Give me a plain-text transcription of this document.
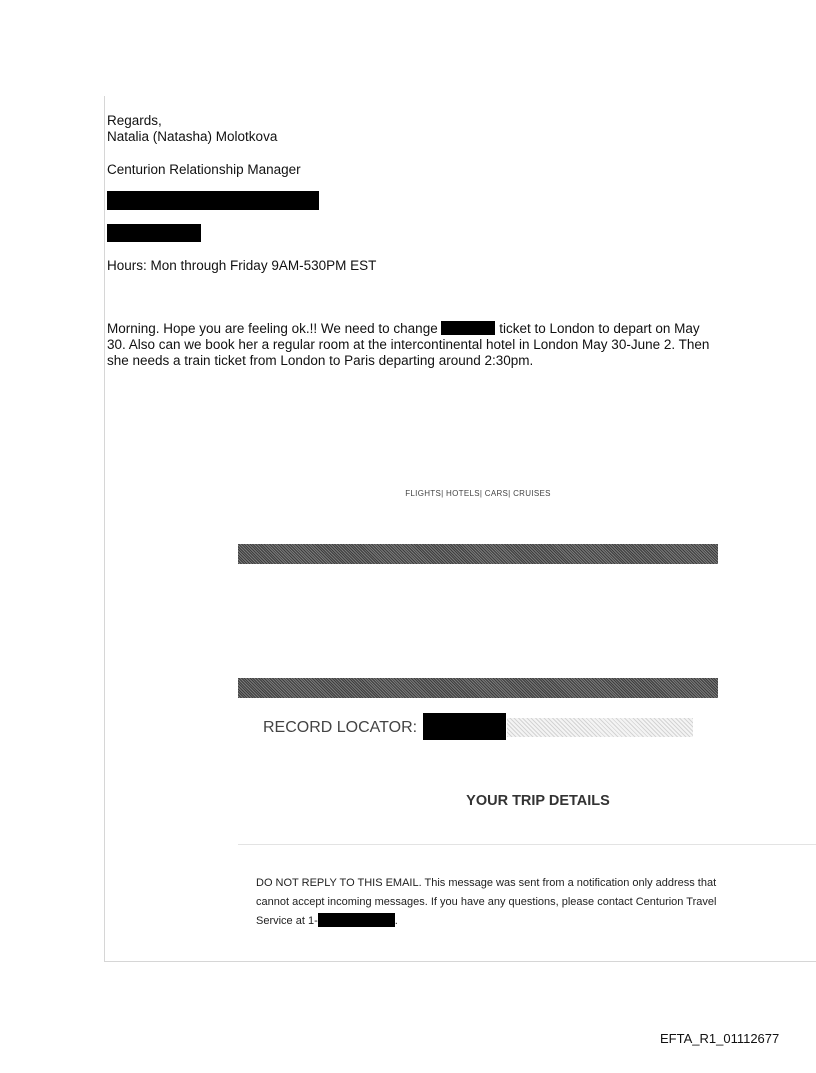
Regards,
Natalia (Natasha) Molotkova
Centurion Relationship Manager
Hours: Mon through Friday 9AM-530PM EST

Morning. Hope you are feeling ok.!! We need to change	ticket to London to depart on May

30. Also can we book her a regular room at the intercontinental hotel in London May 30-June 2. Then

she needs a train ticket from London to Paris departing around 2:30pm.

FLIGHTS| HOTELS| CARS| CRUISES
RECORD LOCATOR:
YOUR TRIP DETAILS

DO NOT REPLY TO THIS EMAIL. This message was sent from a notification only address that

cannot accept incoming messages. If you have any questions, please contact Centurion Travel

Service at 1-	.

EFTA_R1_01112677
